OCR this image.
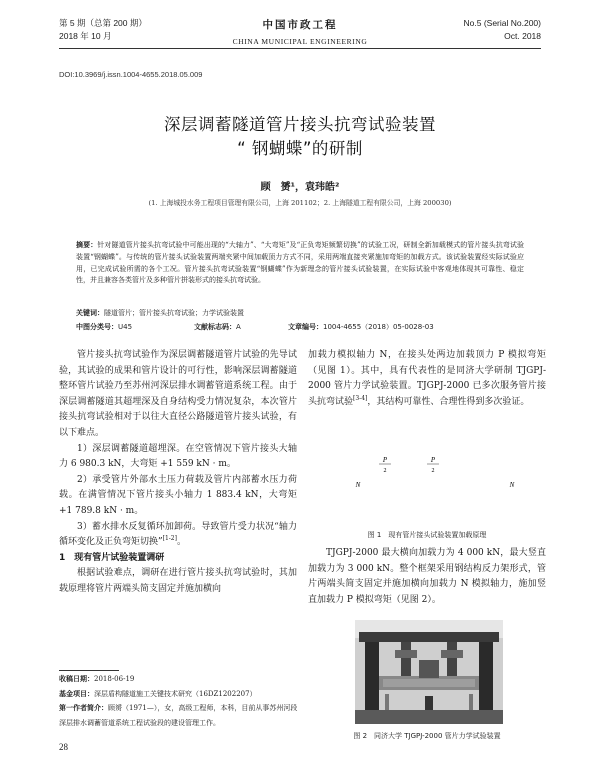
第 5 期（总第 200 期）
2018 年 10 月
中国市政工程
CHINA MUNICIPAL ENGINEERING
No.5 (Serial No.200)
Oct. 2018
DOI:10.3969/j.issn.1004-4655.2018.05.009
深层调蓄隧道管片接头抗弯试验装置
“ 钢蝴蝶”的研制
顾　赟¹，袁玮皓²
(1. 上海城投水务工程项目管理有限公司，上海 201102；2. 上海隧道工程有限公司，上海 200030)
摘要：针对隧道管片接头抗弯试验中可能出现的“大轴力”、“大弯矩”及“正负弯矩频繁切换”的试验工况，研制全新加载模式的管片接头抗弯试验装置“钢蝴蝶”。与传统的管片接头试验装置两端夹紧中间加载顶力方式不同，采用两端直接夹紧施加弯矩的加载方式。该试验装置经实际试验应用，已完成试验所需的各个工况。管片接头抗弯试验装置“钢蝴蝶”作为新理念的管片接头试验装置，在实际试验中客观地体现其可靠性、稳定性，并且兼容各类管片及多种管片拼装形式的接头抗弯试验。
关键词：隧道管片；管片接头抗弯试验；力学试验装置
中图分类号：U45	文献标志码：A	文章编号：1004-4655（2018）05-0028-03

管片接头抗弯试验作为深层调蓄隧道管片试验的先导试验，其试验的成果和管片设计的可行性，影响深层调蓄隧道整环管片试验乃至苏州河深层排水调蓄管道系统工程。由于深层调蓄隧道其超埋深及自身结构受力情况复杂，本次管片接头抗弯试验相对于以往大直径公路隧道管片接头试验，有以下难点。

1）深层调蓄隧道超埋深。在空管情况下管片接头大轴力 6 980.3 kN，大弯矩 +1 559 kN · m。

2）承受管片外部水土压力荷载及管片内部蓄水压力荷载。在满管情况下管片接头小轴力 1 883.4 kN，大弯矩 +1 789.8 kN · m。

3）蓄水排水反复循环加卸荷。导致管片受力状况“轴力循环变化及正负弯矩切换”[1-2]。

1　现有管片试验装置调研

根据试验难点，调研在进行管片接头抗弯试验时，其加载原理将管片两端头简支固定并施加横向

加载力模拟轴力 N，在接头处两边加载顶力 P 模拟弯矩（见图 1）。其中，具有代表性的是同济大学研制 TJGPJ-2000 管片力学试验装置。TJGPJ-2000 已多次服务管片接头抗弯试验[3-4]，其结构可靠性、合理性得到多次验证。

P
2
P
2
N	N
图 1　现有管片接头试验装置加载原理

TJGPJ-2000 最大横向加载力为 4 000 kN，最大竖直加载力为 3 000 kN。整个框架采用钢结构反力架形式，管片两端头简支固定并施加横向加载力 N 模拟轴力，施加竖直加载力 P 模拟弯矩（见图 2）。

图 2　同济大学 TJGPJ-2000 管片力学试验装置
收稿日期：2018-06-19
基金项目：深层盾构隧道施工关键技术研究（16DZ1202207）
第一作者简介：顾赟（1971—），女，高级工程师，本科，目前从事苏州河段深层排水调蓄管道系统工程试验段的建设管理工作。
28
